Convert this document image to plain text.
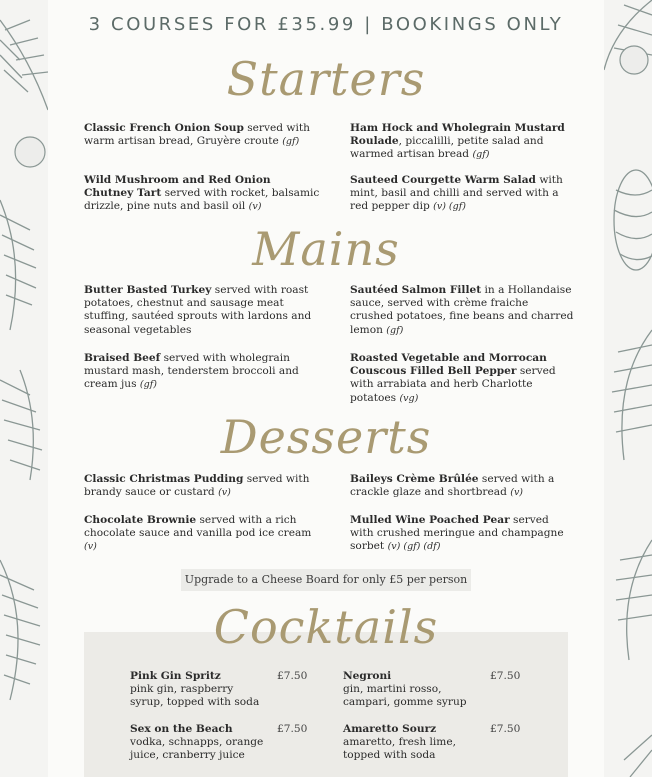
3 COURSES FOR £35.99 | BOOKINGS ONLY
Starters
Classic French Onion Soup served with warm artisan bread, Gruyère croute (gf)
Ham Hock and Wholegrain Mustard Roulade, piccalilli, petite salad and warmed artisan bread (gf)
Wild Mushroom and Red Onion Chutney Tart served with rocket, balsamic drizzle, pine nuts and basil oil (v)
Sauteed Courgette Warm Salad with mint, basil and chilli and served with a red pepper dip (v) (gf)
Mains
Butter Basted Turkey served with roast potatoes, chestnut and sausage meat stuffing, sautéed sprouts with lardons and seasonal vegetables
Sautéed Salmon Fillet in a Hollandaise sauce, served with crème fraiche crushed potatoes, fine beans and charred lemon (gf)
Braised Beef served with wholegrain mustard mash, tenderstem broccoli and cream jus (gf)
Roasted Vegetable and Morrocan Couscous Filled Bell Pepper served with arrabiata and herb Charlotte potatoes (vg)
Desserts
Classic Christmas Pudding served with brandy sauce or custard (v)
Baileys Crème Brûlée served with a crackle glaze and shortbread (v)
Chocolate Brownie served with a rich chocolate sauce and vanilla pod ice cream (v)
Mulled Wine Poached Pear served with crushed meringue and champagne sorbet (v) (gf) (df)
Upgrade to a Cheese Board for only £5 per person
Cocktails
Pink Gin Spritz
pink gin, raspberry syrup, topped with soda
£7.50	Negroni
gin, martini rosso, campari, gomme syrup
£7.50
Sex on the Beach
vodka, schnapps, orange juice, cranberry juice
£7.50	Amaretto Sourz
amaretto, fresh lime, topped with soda
£7.50
